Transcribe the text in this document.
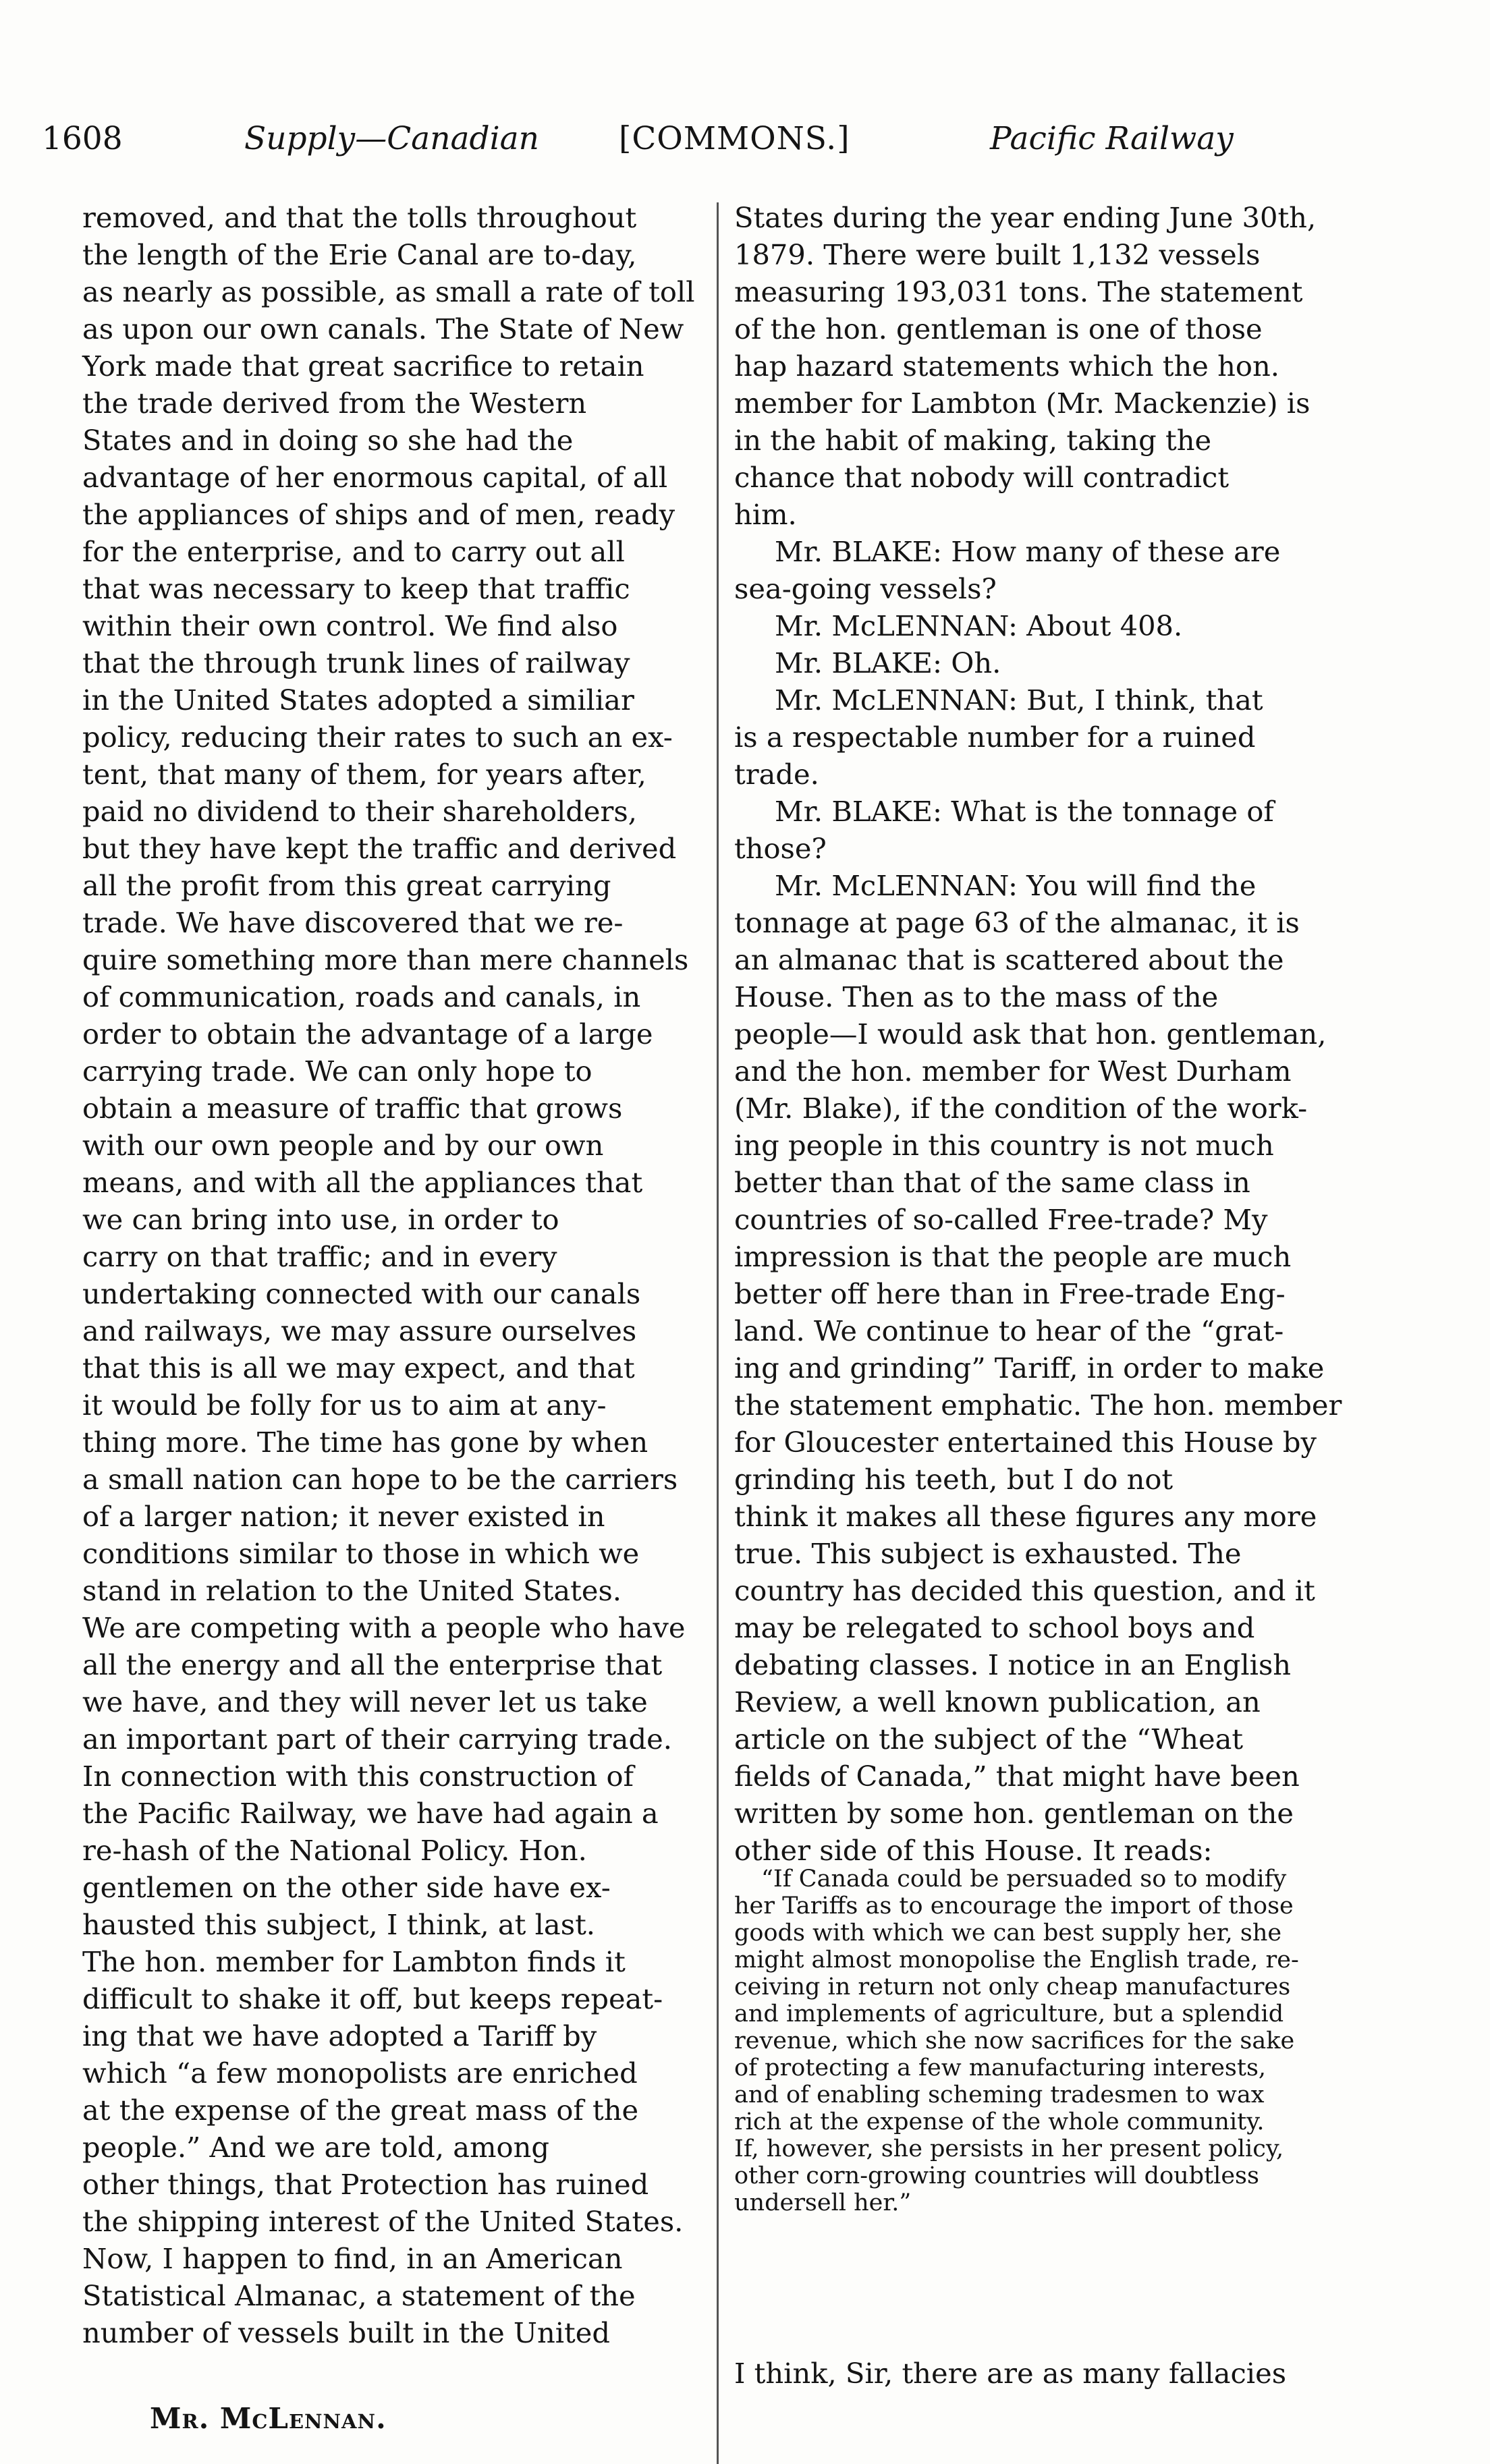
1608	Supply—Canadian	[COMMONS.]	Pacific Railway
removed, and that the tolls throughout
the length of the Erie Canal are to-day,
as nearly as possible, as small a rate of toll
as upon our own canals. The State of New
York made that great sacrifice to retain
the trade derived from the Western
States and in doing so she had the
advantage of her enormous capital, of all
the appliances of ships and of men, ready
for the enterprise, and to carry out all
that was necessary to keep that traffic
within their own control. We find also
that the through trunk lines of railway
in the United States adopted a similiar
policy, reducing their rates to such an ex-
tent, that many of them, for years after,
paid no dividend to their shareholders,
but they have kept the traffic and derived
all the profit from this great carrying
trade. We have discovered that we re-
quire something more than mere channels
of communication, roads and canals, in
order to obtain the advantage of a large
carrying trade. We can only hope to
obtain a measure of traffic that grows
with our own people and by our own
means, and with all the appliances that
we can bring into use, in order to
carry on that traffic; and in every
undertaking connected with our canals
and railways, we may assure ourselves
that this is all we may expect, and that
it would be folly for us to aim at any-
thing more. The time has gone by when
a small nation can hope to be the carriers
of a larger nation; it never existed in
conditions similar to those in which we
stand in relation to the United States.
We are competing with a people who have
all the energy and all the enterprise that
we have, and they will never let us take
an important part of their carrying trade.
In connection with this construction of
the Pacific Railway, we have had again a
re-hash of the National Policy. Hon.
gentlemen on the other side have ex-
hausted this subject, I think, at last.
The hon. member for Lambton finds it
difficult to shake it off, but keeps repeat-
ing that we have adopted a Tariff by
which “a few monopolists are enriched
at the expense of the great mass of the
people.” And we are told, among
other things, that Protection has ruined
the shipping interest of the United States.
Now, I happen to find, in an American
Statistical Almanac, a statement of the
number of vessels built in the United
States during the year ending June 30th,
1879. There were built 1,132 vessels
measuring 193,031 tons. The statement
of the hon. gentleman is one of those
hap hazard statements which the hon.
member for Lambton (Mr. Mackenzie) is
in the habit of making, taking the
chance that nobody will contradict
him.
Mr. BLAKE: How many of these are
sea-going vessels?
Mr. McLENNAN: About 408.
Mr. BLAKE: Oh.
Mr. McLENNAN: But, I think, that
is a respectable number for a ruined
trade.
Mr. BLAKE: What is the tonnage of
those?
Mr. McLENNAN: You will find the
tonnage at page 63 of the almanac, it is
an almanac that is scattered about the
House. Then as to the mass of the
people—I would ask that hon. gentleman,
and the hon. member for West Durham
(Mr. Blake), if the condition of the work-
ing people in this country is not much
better than that of the same class in
countries of so-called Free-trade? My
impression is that the people are much
better off here than in Free-trade Eng-
land. We continue to hear of the “grat-
ing and grinding” Tariff, in order to make
the statement emphatic. The hon. member
for Gloucester entertained this House by
grinding his teeth, but I do not
think it makes all these figures any more
true. This subject is exhausted. The
country has decided this question, and it
may be relegated to school boys and
debating classes. I notice in an English
Review, a well known publication, an
article on the subject of the “Wheat
fields of Canada,” that might have been
written by some hon. gentleman on the
other side of this House. It reads:
“If Canada could be persuaded so to modify
her Tariffs as to encourage the import of those
goods with which we can best supply her, she
might almost monopolise the English trade, re-
ceiving in return not only cheap manufactures
and implements of agriculture, but a splendid
revenue, which she now sacrifices for the sake
of protecting a few manufacturing interests,
and of enabling scheming tradesmen to wax
rich at the expense of the whole community.
If, however, she persists in her present policy,
other corn-growing countries will doubtless
undersell her.”
I think, Sir, there are as many fallacies
Mr. McLennan.
